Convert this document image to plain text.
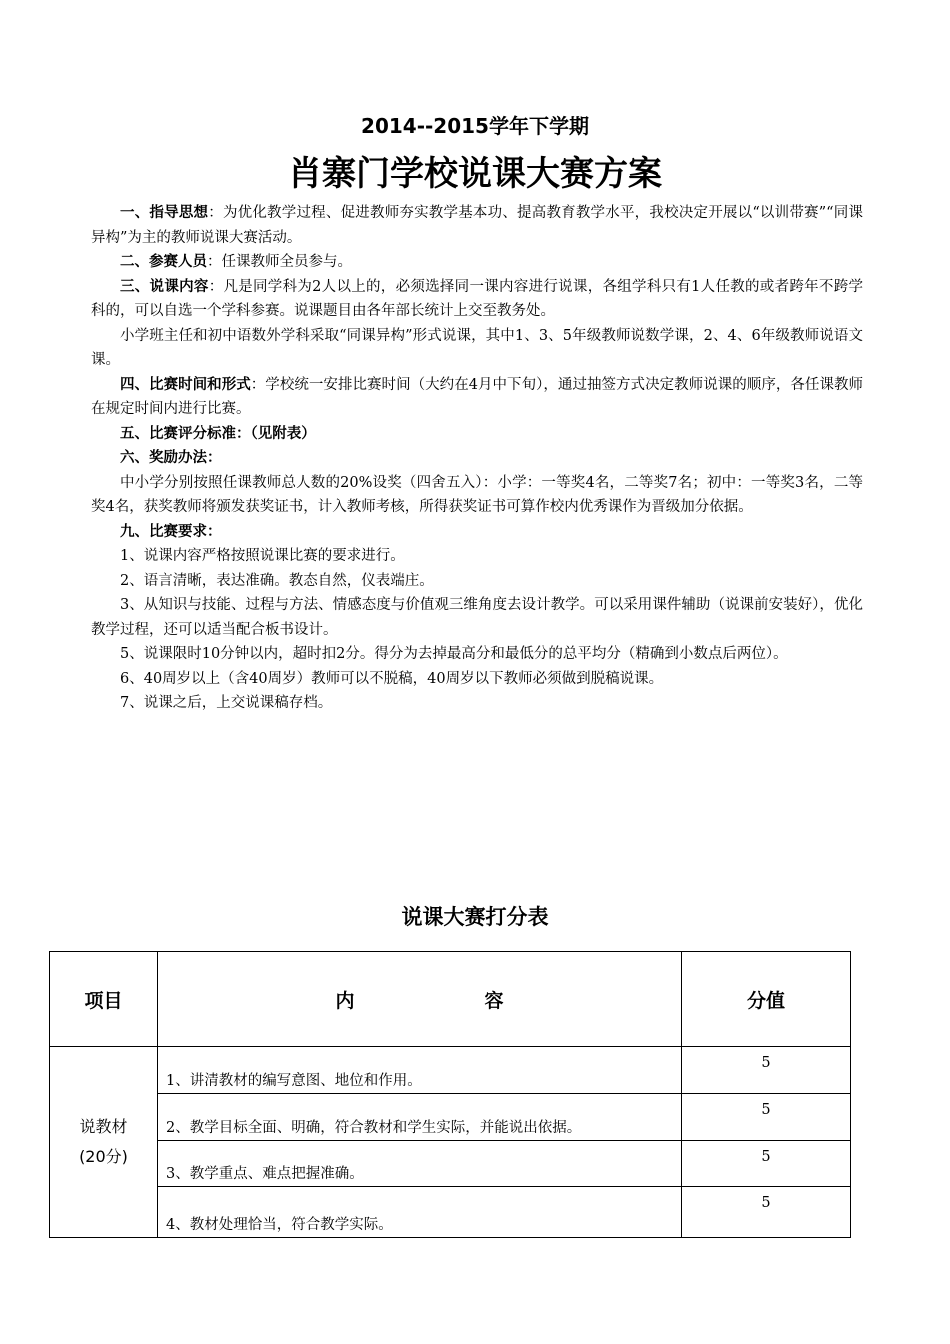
2014--2015学年下学期
肖寨门学校说课大赛方案

一、指导思想：为优化教学过程、促进教师夯实教学基本功、提高教育教学水平，我校决定开展以“以训带赛”“同课异构”为主的教师说课大赛活动。

二、参赛人员：任课教师全员参与。

三、说课内容：凡是同学科为2人以上的，必须选择同一课内容进行说课，各组学科只有1人任教的或者跨年不跨学科的，可以自选一个学科参赛。说课题目由各年部长统计上交至教务处。

小学班主任和初中语数外学科采取“同课异构”形式说课，其中1、3、5年级教师说数学课，2、4、6年级教师说语文课。

四、比赛时间和形式：学校统一安排比赛时间（大约在4月中下旬），通过抽签方式决定教师说课的顺序，各任课教师在规定时间内进行比赛。

五、比赛评分标准：（见附表）

六、奖励办法：

中小学分别按照任课教师总人数的20%设奖（四舍五入）：小学：一等奖4名，二等奖7名；初中：一等奖3名，二等奖4名，获奖教师将颁发获奖证书，计入教师考核，所得获奖证书可算作校内优秀课作为晋级加分依据。

九、比赛要求：

1、说课内容严格按照说课比赛的要求进行。

2、语言清晰，表达准确。教态自然，仪表端庄。

3、从知识与技能、过程与方法、情感态度与价值观三维角度去设计教学。可以采用课件辅助（说课前安装好），优化教学过程，还可以适当配合板书设计。

5、说课限时10分钟以内，超时扣2分。得分为去掉最高分和最低分的总平均分（精确到小数点后两位）。

6、40周岁以上（含40周岁）教师可以不脱稿，40周岁以下教师必须做到脱稿说课。

7、说课之后，上交说课稿存档。

说课大赛打分表
项目	内 容	分值

说教材
(20分)	1、讲清教材的编写意图、地位和作用。	5
	2、教学目标全面、明确，符合教材和学生实际，并能说出依据。	5
	3、教学重点、难点把握准确。	5
	4、教材处理恰当，符合教学实际。	5
